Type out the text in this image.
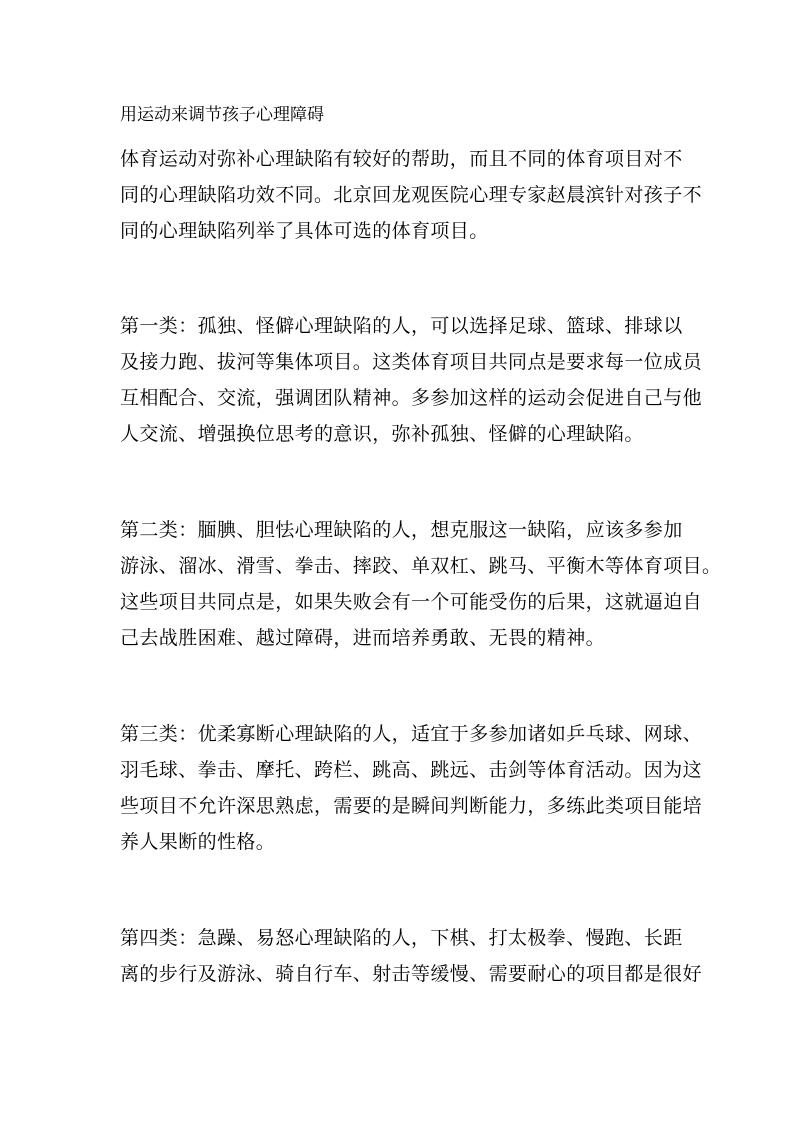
用运动来调节孩子心理障碍
体育运动对弥补心理缺陷有较好的帮助，而且不同的体育项目对不
同的心理缺陷功效不同。北京回龙观医院心理专家赵晨滨针对孩子不
同的心理缺陷列举了具体可选的体育项目。
第一类：孤独、怪僻心理缺陷的人，可以选择足球、篮球、排球以
及接力跑、拔河等集体项目。这类体育项目共同点是要求每一位成员
互相配合、交流，强调团队精神。多参加这样的运动会促进自己与他
人交流、增强换位思考的意识，弥补孤独、怪僻的心理缺陷。
第二类：腼腆、胆怯心理缺陷的人，想克服这一缺陷，应该多参加
游泳、溜冰、滑雪、拳击、摔跤、单双杠、跳马、平衡木等体育项目。
这些项目共同点是，如果失败会有一个可能受伤的后果，这就逼迫自
己去战胜困难、越过障碍，进而培养勇敢、无畏的精神。
第三类：优柔寡断心理缺陷的人，适宜于多参加诸如乒乓球、网球、
羽毛球、拳击、摩托、跨栏、跳高、跳远、击剑等体育活动。因为这
些项目不允许深思熟虑，需要的是瞬间判断能力，多练此类项目能培
养人果断的性格。
第四类：急躁、易怒心理缺陷的人，下棋、打太极拳、慢跑、长距
离的步行及游泳、骑自行车、射击等缓慢、需要耐心的项目都是很好
